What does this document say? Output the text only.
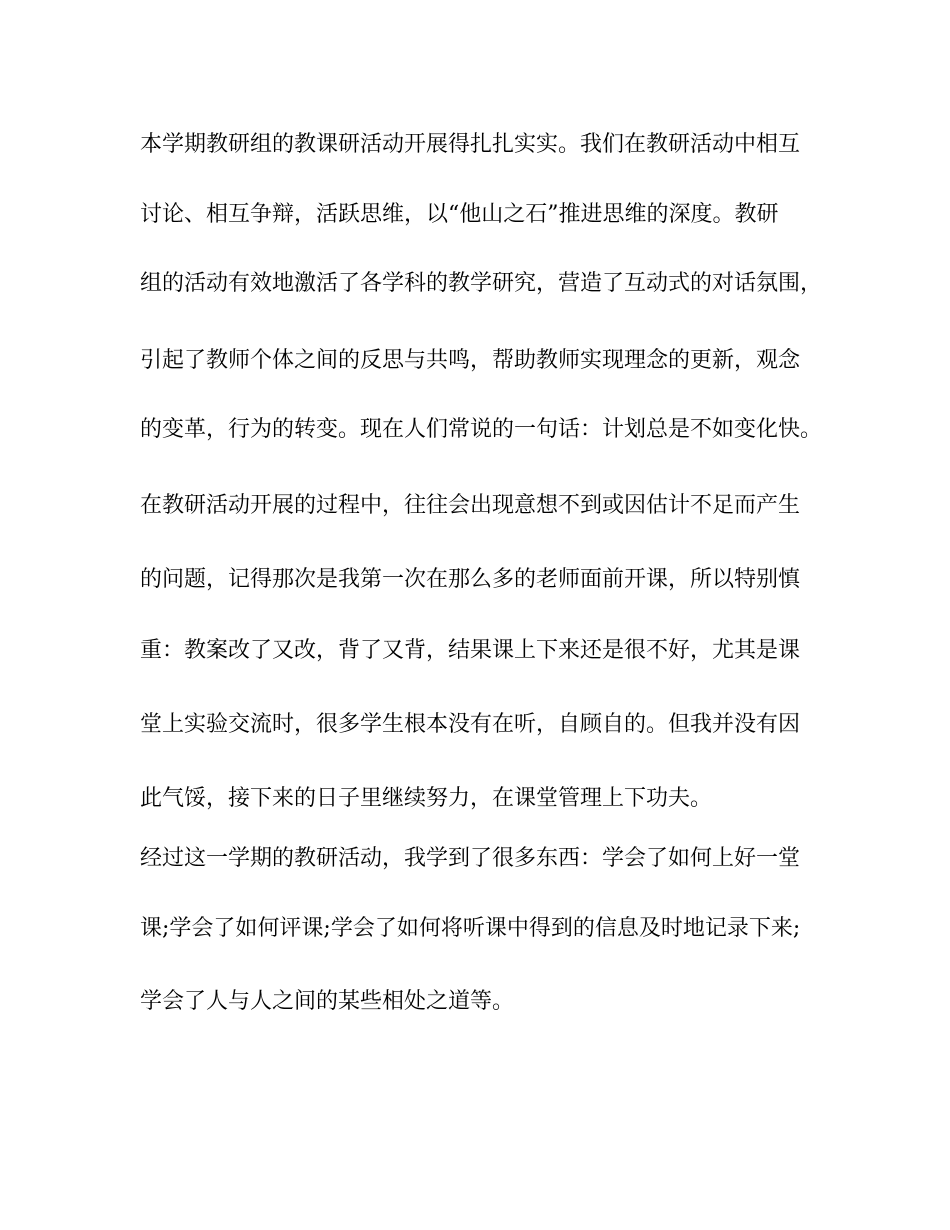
本学期教研组的教课研活动开展得扎扎实实。我们在教研活动中相互

讨论、相互争辩，活跃思维，以“他山之石”推进思维的深度。教研

组的活动有效地激活了各学科的教学研究，营造了互动式的对话氛围，

引起了教师个体之间的反思与共鸣，帮助教师实现理念的更新，观念

的变革，行为的转变。现在人们常说的一句话：计划总是不如变化快。

在教研活动开展的过程中，往往会出现意想不到或因估计不足而产生

的问题，记得那次是我第一次在那么多的老师面前开课，所以特别慎

重：教案改了又改，背了又背，结果课上下来还是很不好，尤其是课

堂上实验交流时，很多学生根本没有在听，自顾自的。但我并没有因

此气馁，接下来的日子里继续努力，在课堂管理上下功夫。

经过这一学期的教研活动，我学到了很多东西：学会了如何上好一堂

课;学会了如何评课;学会了如何将听课中得到的信息及时地记录下来;

学会了人与人之间的某些相处之道等。
